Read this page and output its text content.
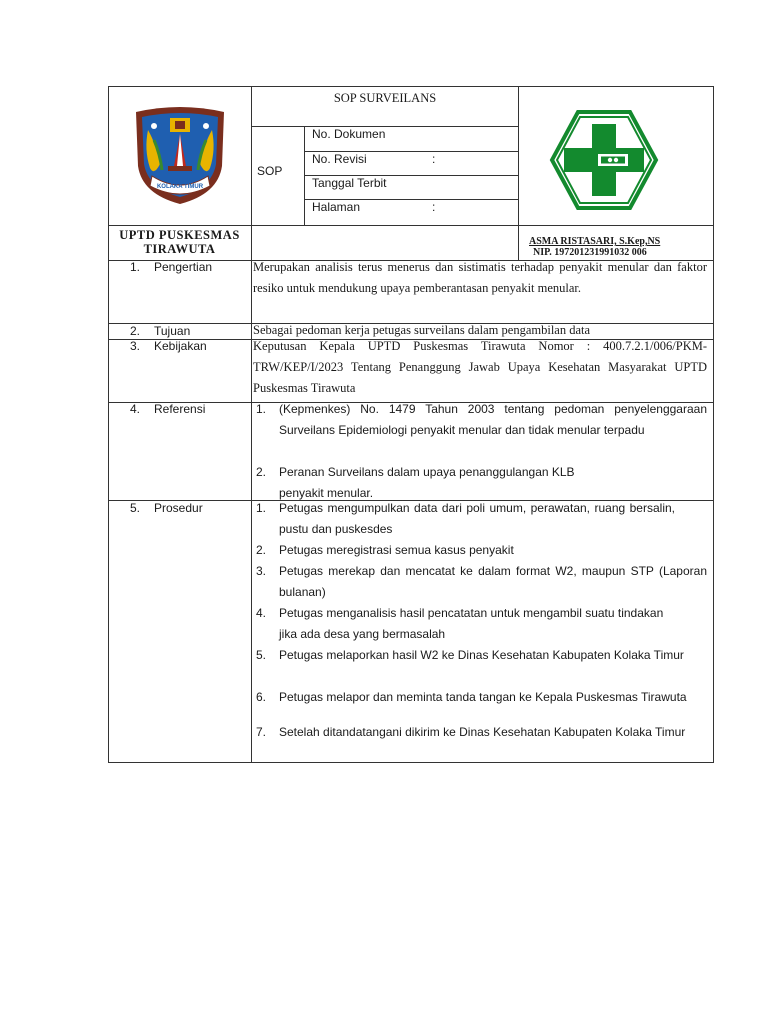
KOLAKA TIMUR
SOP SURVEILANS
SOP
No. Dokumen
No. Revisi	:
Tanggal Terbit
Halaman	:
UPTD PUSKESMAS
TIRAWUTA
ASMA RISTASARI, S.Kep,NS
NIP. 197201231991032 006
1. Pengertian	Merupakan analisis terus menerus dan sistimatis terhadap penyakit menular dan faktor resiko untuk mendukung upaya pemberantasan penyakit menular.
2. Tujuan	Sebagai pedoman kerja petugas surveilans dalam pengambilan data
3. Kebijakan	Keputusan Kepala UPTD Puskesmas Tirawuta Nomor : 400.7.2.1/006/PKM-TRW/KEP/I/2023 Tentang Penanggung Jawab Upaya Kesehatan Masyarakat UPTD Puskesmas Tirawuta
4. Referensi	1. (Kepmenkes) No. 1479 Tahun 2003 tentang pedoman penyelenggaraan Surveilans Epidemiologi penyakit menular dan tidak menular terpadu
2. Peranan Surveilans dalam upaya penanggulangan KLB penyakit menular.
5. Prosedur	1. Petugas mengumpulkan data dari poli umum, perawatan, ruang bersalin, pustu dan puskesdes
2. Petugas meregistrasi semua kasus penyakit
3. Petugas merekap dan mencatat ke dalam format W2, maupun STP (Laporan bulanan)
4. Petugas menganalisis hasil pencatatan untuk mengambil suatu tindakan jika ada desa yang bermasalah
5. Petugas melaporkan hasil W2 ke Dinas Kesehatan Kabupaten Kolaka Timur
6. Petugas melapor dan meminta tanda tangan ke Kepala Puskesmas Tirawuta
7. Setelah ditandatangani dikirim ke Dinas Kesehatan Kabupaten Kolaka Timur
